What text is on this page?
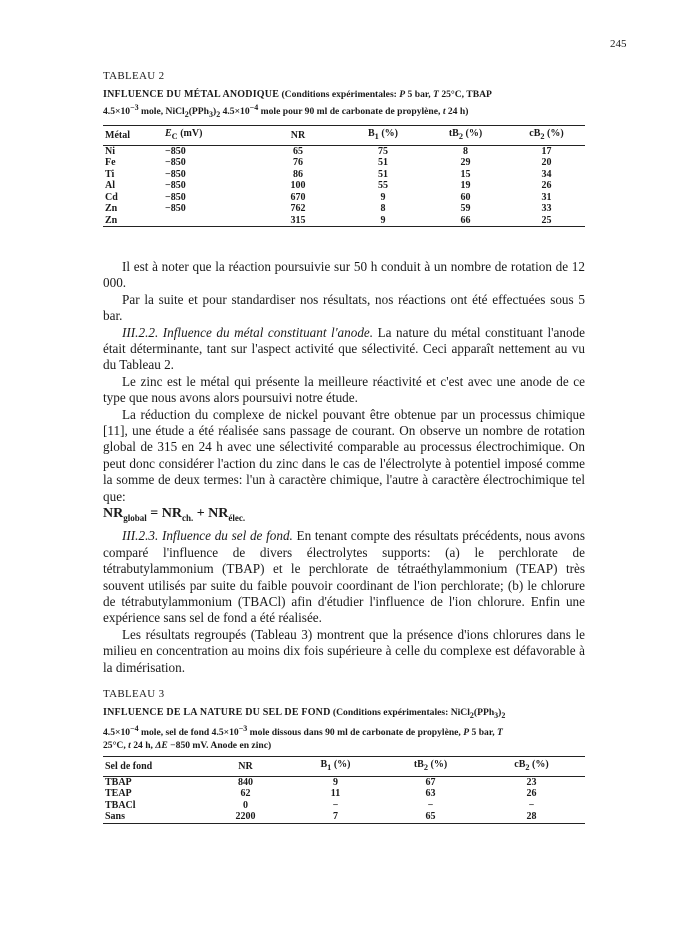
245
TABLEAU 2
INFLUENCE DU MÉTAL ANODIQUE (Conditions expérimentales: P 5 bar, T 25°C, TBAP
$4.5\times 10^{-3}$ mole, $NiCl_2(PPh_3)_2$ $4.5\times 10^{-4}$ mole pour 90 ml de carbonate de propylène, t 24 h)
Métal	$E_C$ (mV)	NR	$B_1$ (%)	$tB_2$ (%)	$cB_2$ (%)
Ni	−850	65	75	8	17
Fe	−850	76	51	29	20
Ti	−850	86	51	15	34
Al	−850	100	55	19	26
Cd	−850	670	9	60	31
Zn	−850	762	8	59	33
Zn		315	9	66	25

Il est à noter que la réaction poursuivie sur 50 h conduit à un nombre de rotation de 12 000.

Par la suite et pour standardiser nos résultats, nos réactions ont été effectuées sous 5 bar.

III.2.2. Influence du métal constituant l'anode. La nature du métal constituant l'anode était déterminante, tant sur l'aspect activité que sélectivité. Ceci apparaît nettement au vu du Tableau 2.

Le zinc est le métal qui présente la meilleure réactivité et c'est avec une anode de ce type que nous avons alors poursuivi notre étude.

La réduction du complexe de nickel pouvant être obtenue par un processus chimique [11], une étude a été réalisée sans passage de courant. On observe un nombre de rotation global de 315 en 24 h avec une sélectivité comparable au processus électrochimique. On peut donc considérer l'action du zinc dans le cas de l'électrolyte à potentiel imposé comme la somme de deux termes: l'un à caractère chimique, l'autre à caractère électrochimique tel que:

$NR_{global} = NR_{ch.} + NR_{élec.}$

III.2.3. Influence du sel de fond. En tenant compte des résultats précédents, nous avons comparé l'influence de divers électrolytes supports: (a) le perchlorate de tétrabutylammonium (TBAP) et le perchlorate de tétraéthylammonium (TEAP) très souvent utilisés par suite du faible pouvoir coordinant de l'ion perchlorate; (b) le chlorure de tétrabutylammonium (TBACl) afin d'étudier l'influence de l'ion chlorure. Enfin une expérience sans sel de fond a été réalisée.

Les résultats regroupés (Tableau 3) montrent que la présence d'ions chlorures dans le milieu en concentration au moins dix fois supérieure à celle du complexe est défavorable à la dimérisation.

TABLEAU 3
INFLUENCE DE LA NATURE DU SEL DE FOND (Conditions expérimentales: $NiCl_2(PPh_3)_2$
$4.5\times 10^{-4}$ mole, sel de fond $4.5\times 10^{-3}$ mole dissous dans 90 ml de carbonate de propylène, P 5 bar, T
25°C, t 24 h, ΔE −850 mV. Anode en zinc)
Sel de fond	NR	$B_1$ (%)	$tB_2$ (%)	$cB_2$ (%)
TBAP	840	9	67	23
TEAP	62	11	63	26
TBACl	0	−	−	−
Sans	2200	7	65	28
